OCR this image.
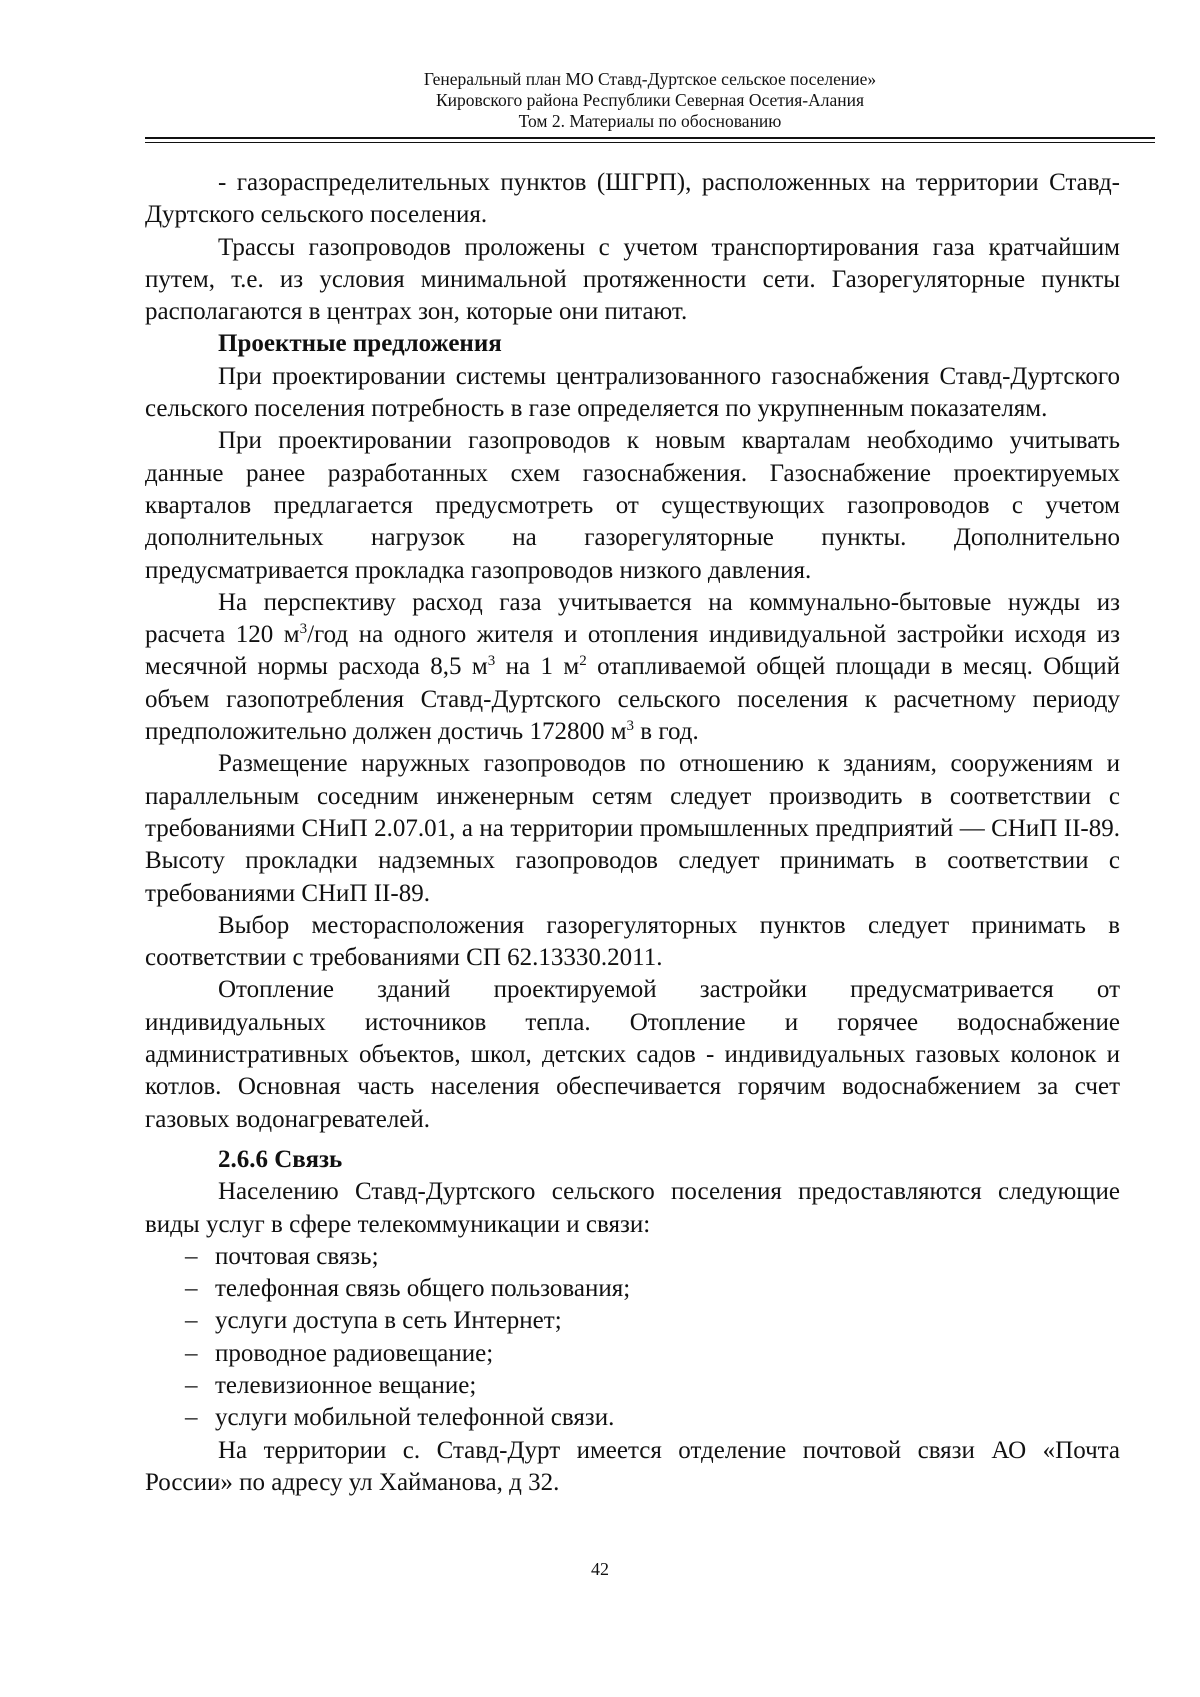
Генеральный план МО Ставд-Дуртское сельское поселение»
Кировского района Республики Северная Осетия-Алания
Том 2. Материалы по обоснованию

- газораспределительных пунктов (ШГРП), расположенных на территории Ставд-Дуртского сельского поселения.

Трассы газопроводов проложены с учетом транспортирования газа кратчайшим путем, т.е. из условия минимальной протяженности сети. Газорегуляторные пункты располагаются в центрах зон, которые они питают.

Проектные предложения

При проектировании системы централизованного газоснабжения Ставд-Дуртского сельского поселения потребность в газе определяется по укрупненным показателям.

При проектировании газопроводов к новым кварталам необходимо учитывать данные ранее разработанных схем газоснабжения. Газоснабжение проектируемых кварталов предлагается предусмотреть от существующих газопроводов с учетом дополнительных нагрузок на газорегуляторные пункты. Дополнительно предусматривается прокладка газопроводов низкого давления.

На перспективу расход газа учитывается на коммунально-бытовые нужды из расчета 120 $м^3$/год на одного жителя и отопления индивидуальной застройки исходя из месячной нормы расхода 8,5 $м^3$ на 1 $м^2$ отапливаемой общей площади в месяц. Общий объем газопотребления Ставд-Дуртского сельского поселения к расчетному периоду предположительно должен достичь 172800 $м^3$ в год.

Размещение наружных газопроводов по отношению к зданиям, сооружениям и параллельным соседним инженерным сетям следует производить в соответствии с требованиями СНиП 2.07.01, а на территории промышленных предприятий — СНиП II-89. Высоту прокладки надземных газопроводов следует принимать в соответствии с требованиями СНиП II-89.

Выбор месторасположения газорегуляторных пунктов следует принимать в соответствии с требованиями СП 62.13330.2011.

Отопление зданий проектируемой застройки предусматривается от индивидуальных источников тепла. Отопление и горячее водоснабжение административных объектов, школ, детских садов - индивидуальных газовых колонок и котлов. Основная часть населения обеспечивается горячим водоснабжением за счет газовых водонагревателей.

2.6.6 Связь

Населению Ставд-Дуртского сельского поселения предоставляются следующие виды услуг в сфере телекоммуникации и связи:

– почтовая связь;
– телефонная связь общего пользования;
– услуги доступа в сеть Интернет;
– проводное радиовещание;
– телевизионное вещание;
– услуги мобильной телефонной связи.

На территории с. Ставд-Дурт имеется отделение почтовой связи АО «Почта России» по адресу ул Хайманова, д 32.

42
